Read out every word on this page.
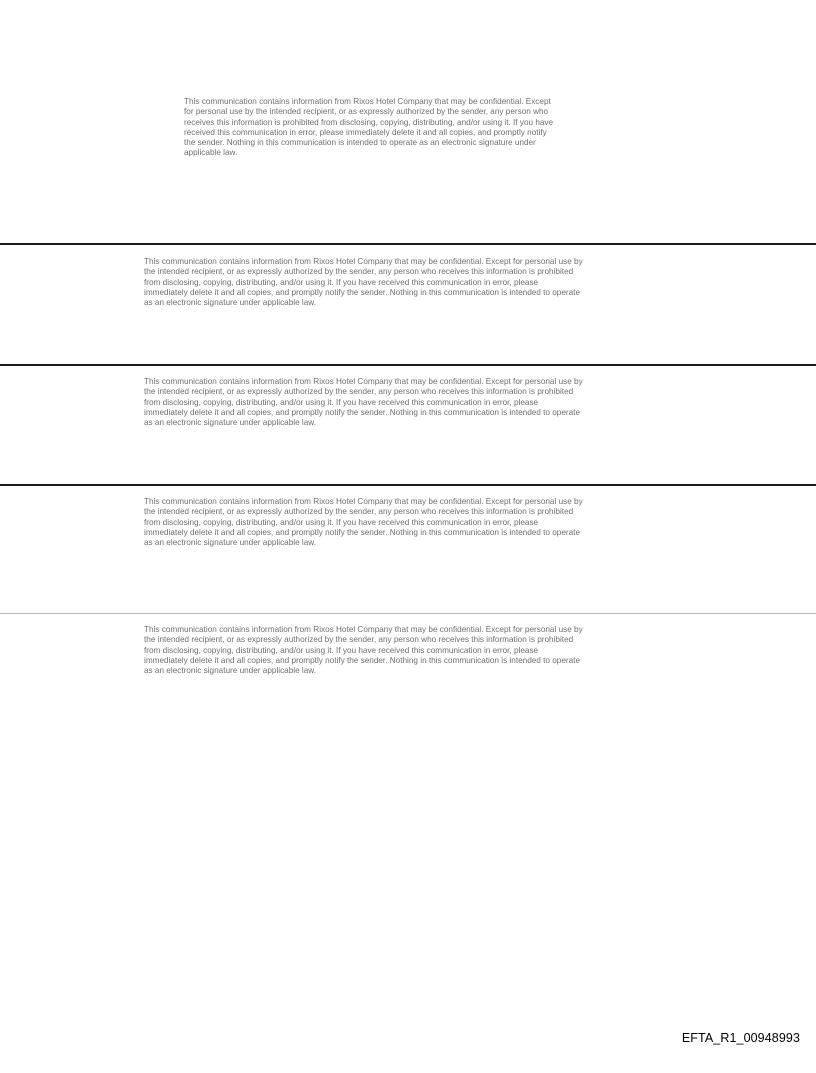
This communication contains information from Rixos Hotel Company that may be confidential. Except
for personal use by the intended recipient, or as expressly authorized by the sender, any person who
receives this information is prohibited from disclosing, copying, distributing, and/or using it. If you have
received this communication in error, please immediately delete it and all copies, and promptly notify
the sender. Nothing in this communication is intended to operate as an electronic signature under
applicable law.

This communication contains information from Rixos Hotel Company that may be confidential. Except for personal use by
the intended recipient, or as expressly authorized by the sender, any person who receives this information is prohibited
from disclosing, copying, distributing, and/or using it. If you have received this communication in error, please
immediately delete it and all copies, and promptly notify the sender. Nothing in this communication is intended to operate
as an electronic signature under applicable law.

This communication contains information from Rixos Hotel Company that may be confidential. Except for personal use by
the intended recipient, or as expressly authorized by the sender, any person who receives this information is prohibited
from disclosing, copying, distributing, and/or using it. If you have received this communication in error, please
immediately delete it and all copies, and promptly notify the sender. Nothing in this communication is intended to operate
as an electronic signature under applicable law.

This communication contains information from Rixos Hotel Company that may be confidential. Except for personal use by
the intended recipient, or as expressly authorized by the sender, any person who receives this information is prohibited
from disclosing, copying, distributing, and/or using it. If you have received this communication in error, please
immediately delete it and all copies, and promptly notify the sender. Nothing in this communication is intended to operate
as an electronic signature under applicable law.

This communication contains information from Rixos Hotel Company that may be confidential. Except for personal use by
the intended recipient, or as expressly authorized by the sender, any person who receives this information is prohibited
from disclosing, copying, distributing, and/or using it. If you have received this communication in error, please
immediately delete it and all copies, and promptly notify the sender. Nothing in this communication is intended to operate
as an electronic signature under applicable law.

EFTA_R1_00948993
